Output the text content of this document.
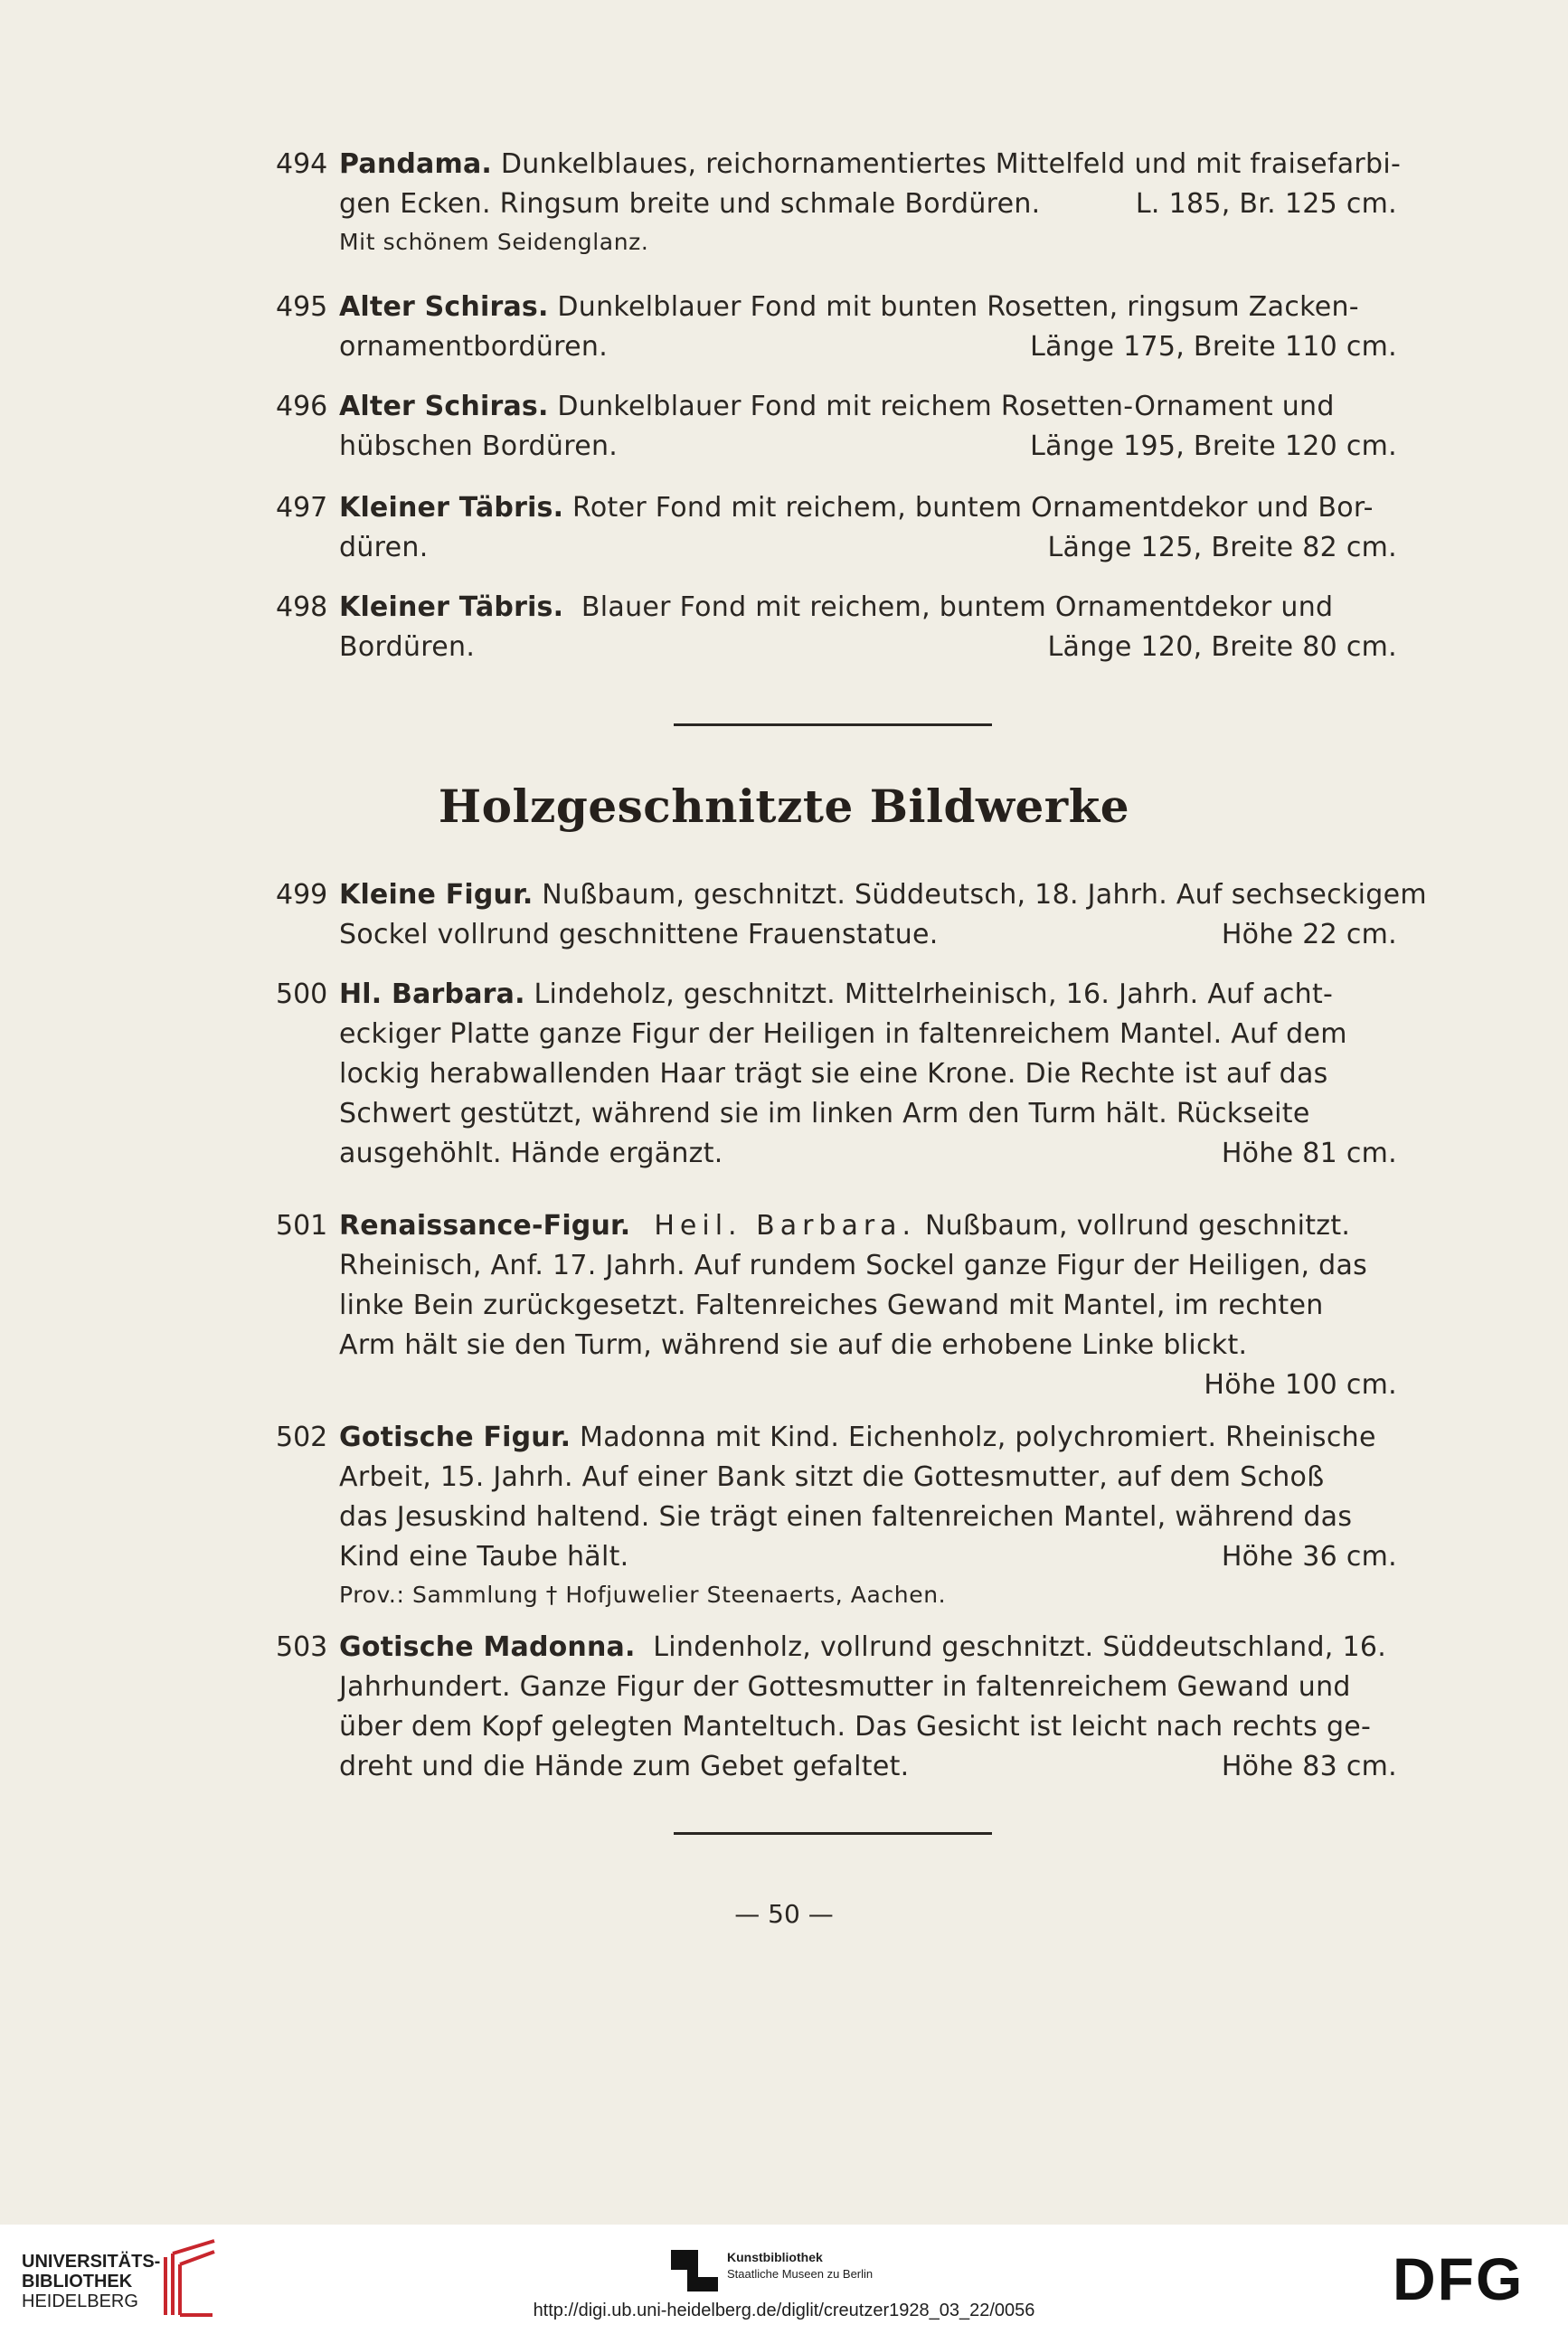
Holzgeschnitzte Bildwerke
— 50 —
494 Pandama. Dunkelblaues, reichornamentiertes Mittelfeld und mit fraisefarbi-
gen Ecken. Ringsum breite und schmale Bordüren.	L. 185, Br. 125 cm.
Mit schönem Seidenglanz.
495 Alter Schiras. Dunkelblauer Fond mit bunten Rosetten, ringsum Zacken-
ornamentbordüren.	Länge 175, Breite 110 cm.
496 Alter Schiras. Dunkelblauer Fond mit reichem Rosetten-Ornament und
hübschen Bordüren.	Länge 195, Breite 120 cm.
497 Kleiner Täbris. Roter Fond mit reichem, buntem Ornamentdekor und Bor-
düren.	Länge 125, Breite 82 cm.
498 Kleiner Täbris.  Blauer Fond mit reichem, buntem Ornamentdekor und
Bordüren.	Länge 120, Breite 80 cm.
499 Kleine Figur. Nußbaum, geschnitzt. Süddeutsch, 18. Jahrh. Auf sechseckigem
Sockel vollrund geschnittene Frauenstatue.	Höhe 22 cm.
500 Hl. Barbara. Lindeholz, geschnitzt. Mittelrheinisch, 16. Jahrh. Auf acht-
eckiger Platte ganze Figur der Heiligen in faltenreichem Mantel. Auf dem
lockig herabwallenden Haar trägt sie eine Krone. Die Rechte ist auf das
Schwert gestützt, während sie im linken Arm den Turm hält. Rückseite
ausgehöhlt. Hände ergänzt.	Höhe 81 cm.
501 Renaissance-Figur. Heil. Barbara. Nußbaum, vollrund geschnitzt.
Rheinisch, Anf. 17. Jahrh. Auf rundem Sockel ganze Figur der Heiligen, das
linke Bein zurückgesetzt. Faltenreiches Gewand mit Mantel, im rechten
Arm hält sie den Turm, während sie auf die erhobene Linke blickt.
Höhe 100 cm.
502 Gotische Figur. Madonna mit Kind. Eichenholz, polychromiert. Rheinische
Arbeit, 15. Jahrh. Auf einer Bank sitzt die Gottesmutter, auf dem Schoß
das Jesuskind haltend. Sie trägt einen faltenreichen Mantel, während das
Kind eine Taube hält.	Höhe 36 cm.
Prov.: Sammlung † Hofjuwelier Steenaerts, Aachen.
503 Gotische Madonna.  Lindenholz, vollrund geschnitzt. Süddeutschland, 16.
Jahrhundert. Ganze Figur der Gottesmutter in faltenreichem Gewand und
über dem Kopf gelegten Manteltuch. Das Gesicht ist leicht nach rechts ge-
dreht und die Hände zum Gebet gefaltet.	Höhe 83 cm.
UNIVERSITÄTS-
BIBLIOTHEK
HEIDELBERG
Kunstbibliothek
Staatliche Museen zu Berlin	DFG
http://digi.ub.uni-heidelberg.de/diglit/creutzer1928_03_22/0056
